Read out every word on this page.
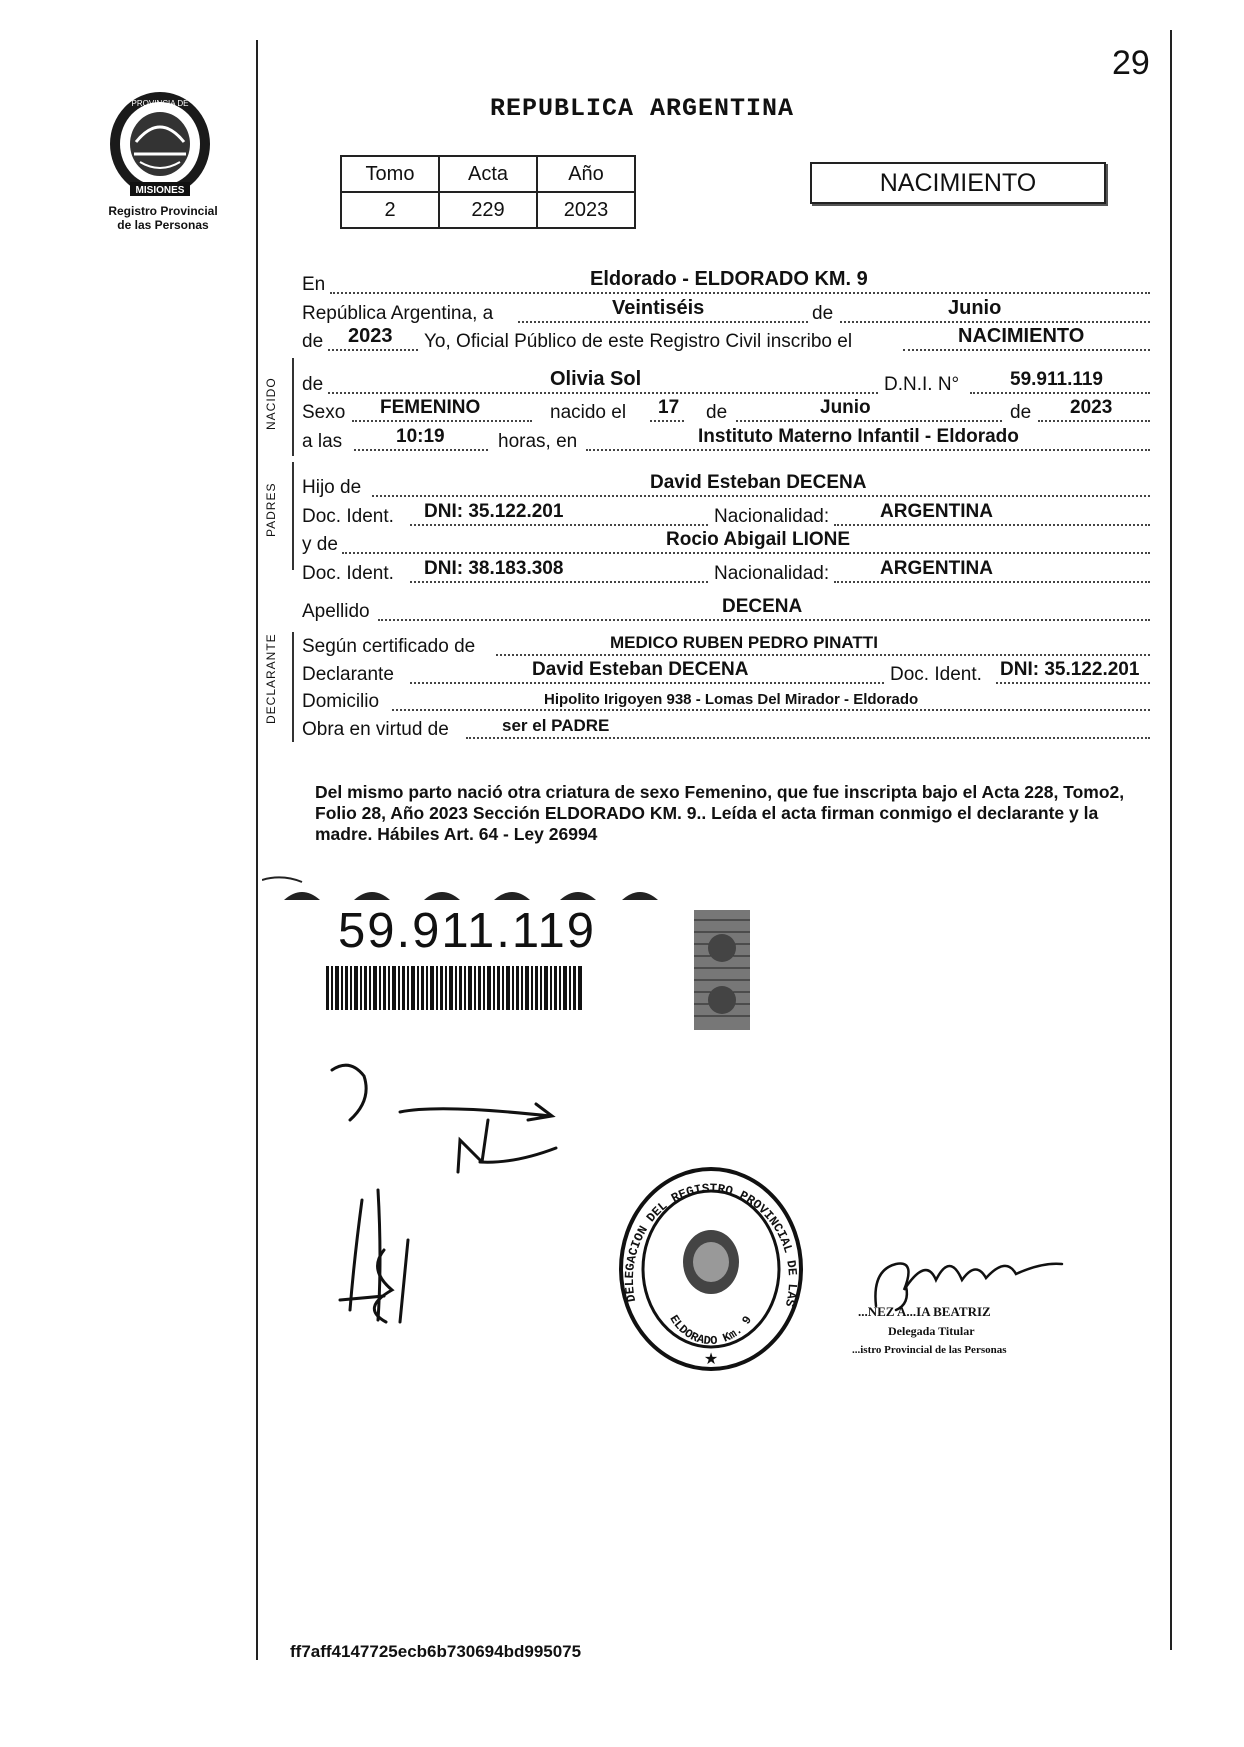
29
MISIONES
PROVINCIA DE
Registro Provincial
de las Personas
REPUBLICA ARGENTINA
Tomo	Acta	Año
2	229	2023
NACIMIENTO
En	Eldorado - ELDORADO KM. 9
República Argentina, a	Veintiséis	de	Junio
de 2023 Yo, Oficial Público de este Registro Civil inscribo el	NACIMIENTO
NACIDO de	Olivia Sol	D.N.I. N°	59.911.119
Sexo FEMENINO	nacido el 17 de	Junio	de 2023
a las	10:19	horas, en	Instituto Materno Infantil - Eldorado
PADRES Hijo de	David Esteban DECENA
Doc. Ident. DNI: 35.122.201	Nacionalidad:	ARGENTINA
y de	Rocio Abigail LIONE
Doc. Ident. DNI: 38.183.308	Nacionalidad:	ARGENTINA
Apellido	DECENA
DECLARANTE Según certificado de	MEDICO RUBEN PEDRO PINATTI
Declarante	David Esteban DECENA	Doc. Ident. DNI: 35.122.201
Domicilio	Hipolito Irigoyen 938 - Lomas Del Mirador - Eldorado
Obra en virtud de	ser el PADRE
Del mismo parto nació otra criatura de sexo Femenino, que fue inscripta bajo el Acta 228, Tomo2, Folio 28, Año 2023 Sección ELDORADO KM. 9.. Leída el acta firman conmigo el declarante y la madre. Hábiles Art. 64 - Ley 26994
59.911.119
DELEGACION DEL REGISTRO PROVINCIAL DE LAS
ELDORADO Km. 9
★
...NEZ A...IA BEATRIZ
Delegada Titular
...istro Provincial de las Personas
ff7aff4147725ecb6b730694bd995075
